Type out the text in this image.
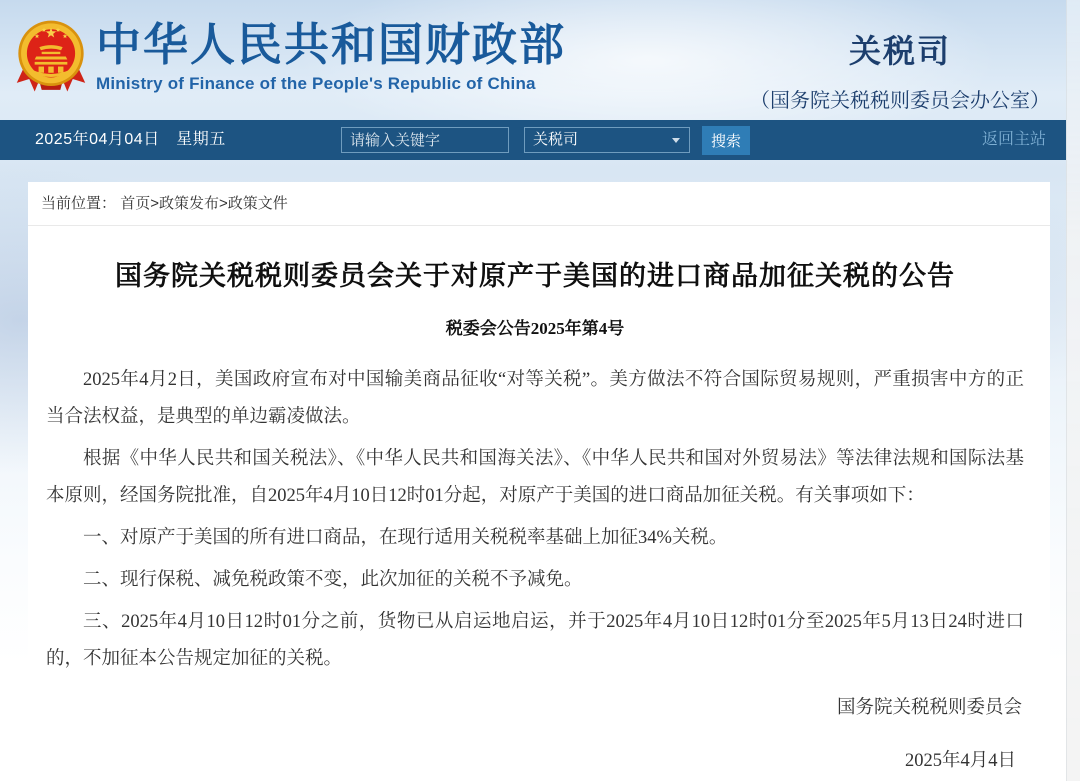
中华人民共和国财政部
Ministry of Finance of the People's Republic of China
关税司
（国务院关税税则委员会办公室）
2025年04月04日　星期五
请输入关键字	关税司	搜索	返回主站
当前位置： 首页>政策发布>政策文件
国务院关税税则委员会关于对原产于美国的进口商品加征关税的公告
税委会公告2025年第4号

2025年4月2日，美国政府宣布对中国输美商品征收“对等关税”。美方做法不符合国际贸易规则，严重损害中方的正当合法权益，是典型的单边霸凌做法。

根据《中华人民共和国关税法》、《中华人民共和国海关法》、《中华人民共和国对外贸易法》等法律法规和国际法基本原则，经国务院批准，自2025年4月10日12时01分起，对原产于美国的进口商品加征关税。有关事项如下：

一、对原产于美国的所有进口商品，在现行适用关税税率基础上加征34%关税。

二、现行保税、减免税政策不变，此次加征的关税不予减免。

三、2025年4月10日12时01分之前，货物已从启运地启运，并于2025年4月10日12时01分至2025年5月13日24时进口的，不加征本公告规定加征的关税。

国务院关税税则委员会

2025年4月4日
